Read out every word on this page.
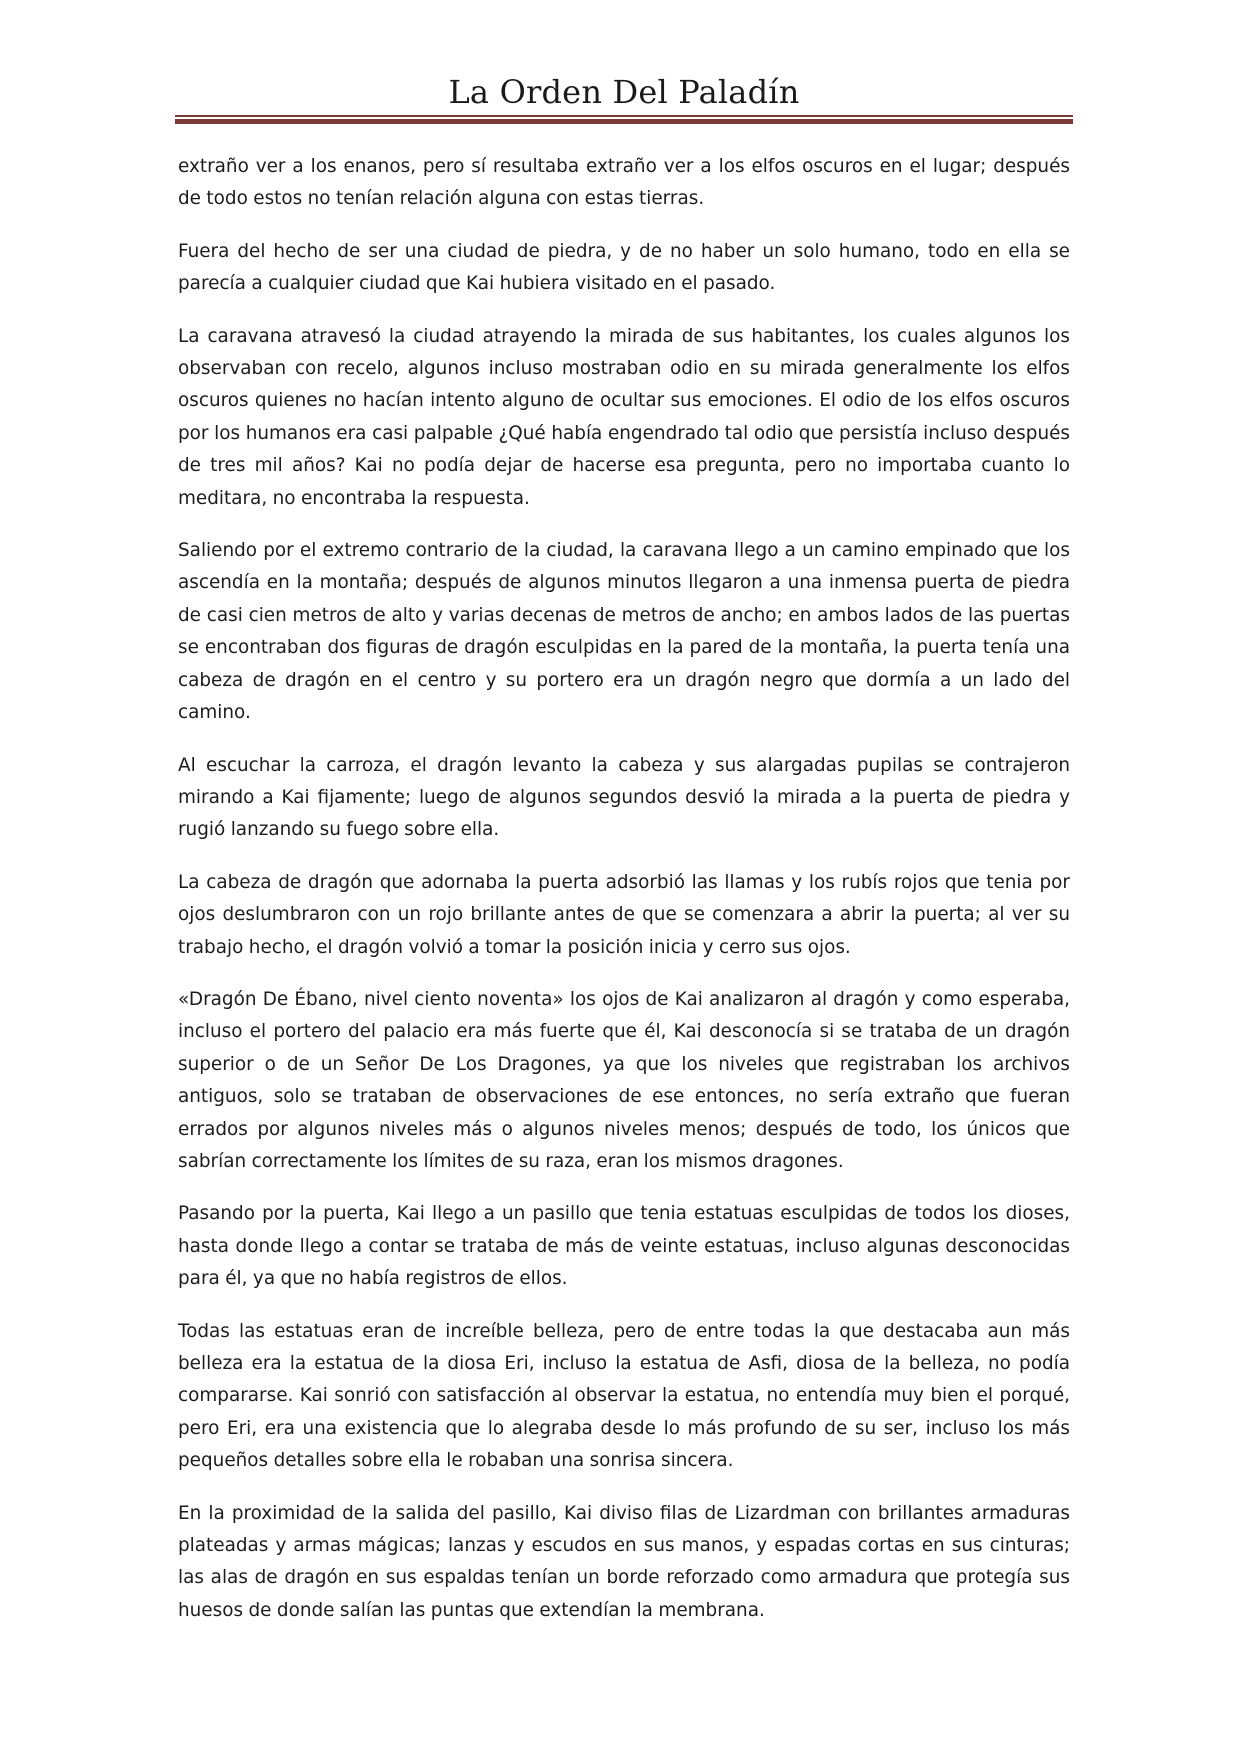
La Orden Del Paladín

extraño ver a los enanos, pero sí resultaba extraño ver a los elfos oscuros en el lugar; después de todo estos no tenían relación alguna con estas tierras.

Fuera del hecho de ser una ciudad de piedra, y de no haber un solo humano, todo en ella se parecía a cualquier ciudad que Kai hubiera visitado en el pasado.

La caravana atravesó la ciudad atrayendo la mirada de sus habitantes, los cuales algunos los observaban con recelo, algunos incluso mostraban odio en su mirada generalmente los elfos oscuros quienes no hacían intento alguno de ocultar sus emociones. El odio de los elfos oscuros por los humanos era casi palpable ¿Qué había engendrado tal odio que persistía incluso después de tres mil años? Kai no podía dejar de hacerse esa pregunta, pero no importaba cuanto lo meditara, no encontraba la respuesta.

Saliendo por el extremo contrario de la ciudad, la caravana llego a un camino empinado que los ascendía en la montaña; después de algunos minutos llegaron a una inmensa puerta de piedra de casi cien metros de alto y varias decenas de metros de ancho; en ambos lados de las puertas se encontraban dos figuras de dragón esculpidas en la pared de la montaña, la puerta tenía una cabeza de dragón en el centro y su portero era un dragón negro que dormía a un lado del camino.

Al escuchar la carroza, el dragón levanto la cabeza y sus alargadas pupilas se contrajeron mirando a Kai fijamente; luego de algunos segundos desvió la mirada a la puerta de piedra y rugió lanzando su fuego sobre ella.

La cabeza de dragón que adornaba la puerta adsorbió las llamas y los rubís rojos que tenia por ojos deslumbraron con un rojo brillante antes de que se comenzara a abrir la puerta; al ver su trabajo hecho, el dragón volvió a tomar la posición inicia y cerro sus ojos.

«Dragón De Ébano, nivel ciento noventa» los ojos de Kai analizaron al dragón y como esperaba, incluso el portero del palacio era más fuerte que él, Kai desconocía si se trataba de un dragón superior o de un Señor De Los Dragones, ya que los niveles que registraban los archivos antiguos, solo se trataban de observaciones de ese entonces, no sería extraño que fueran errados por algunos niveles más o algunos niveles menos; después de todo, los únicos que sabrían correctamente los límites de su raza, eran los mismos dragones.

Pasando por la puerta, Kai llego a un pasillo que tenia estatuas esculpidas de todos los dioses, hasta donde llego a contar se trataba de más de veinte estatuas, incluso algunas desconocidas para él, ya que no había registros de ellos.

Todas las estatuas eran de increíble belleza, pero de entre todas la que destacaba aun más belleza era la estatua de la diosa Eri, incluso la estatua de Asfi, diosa de la belleza, no podía compararse. Kai sonrió con satisfacción al observar la estatua, no entendía muy bien el porqué, pero Eri, era una existencia que lo alegraba desde lo más profundo de su ser, incluso los más pequeños detalles sobre ella le robaban una sonrisa sincera.

En la proximidad de la salida del pasillo, Kai diviso filas de Lizardman con brillantes armaduras plateadas y armas mágicas; lanzas y escudos en sus manos, y espadas cortas en sus cinturas; las alas de dragón en sus espaldas tenían un borde reforzado como armadura que protegía sus huesos de donde salían las puntas que extendían la membrana.
